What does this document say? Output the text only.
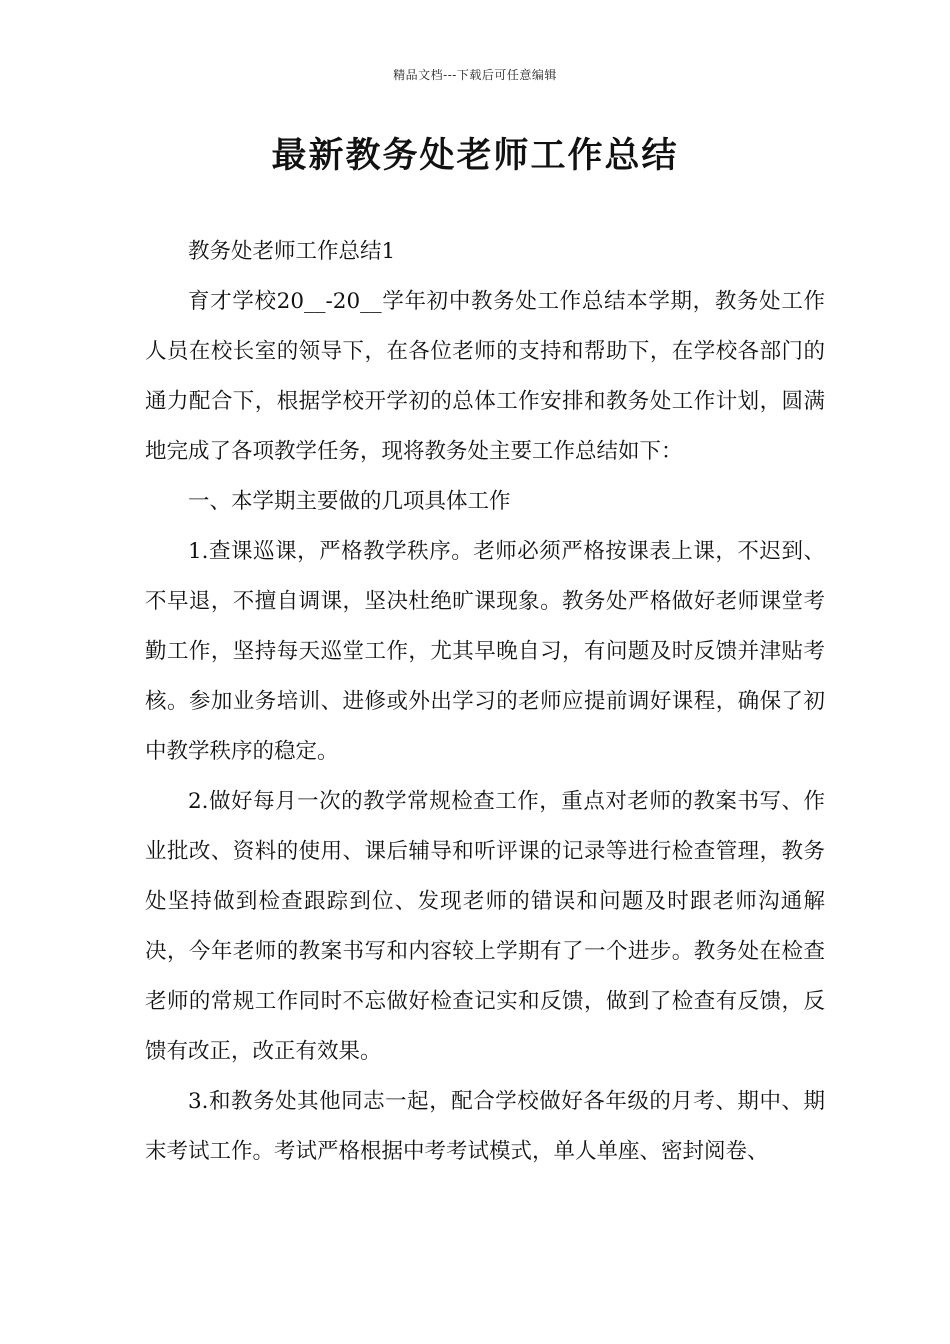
精品文档---下载后可任意编辑
最新教务处老师工作总结

教务处老师工作总结1

育才学校20__-20__学年初中教务处工作总结本学期，教务处工作人员在校长室的领导下，在各位老师的支持和帮助下，在学校各部门的通力配合下，根据学校开学初的总体工作安排和教务处工作计划，圆满地完成了各项教学任务，现将教务处主要工作总结如下：

一、本学期主要做的几项具体工作

1.查课巡课，严格教学秩序。老师必须严格按课表上课，不迟到、不早退，不擅自调课，坚决杜绝旷课现象。教务处严格做好老师课堂考勤工作，坚持每天巡堂工作，尤其早晚自习，有问题及时反馈并津贴考核。参加业务培训、进修或外出学习的老师应提前调好课程，确保了初中教学秩序的稳定。

2.做好每月一次的教学常规检查工作，重点对老师的教案书写、作业批改、资料的使用、课后辅导和听评课的记录等进行检查管理，教务处坚持做到检查跟踪到位、发现老师的错误和问题及时跟老师沟通解决，今年老师的教案书写和内容较上学期有了一个进步。教务处在检查老师的常规工作同时不忘做好检查记实和反馈，做到了检查有反馈，反馈有改正，改正有效果。

3.和教务处其他同志一起，配合学校做好各年级的月考、期中、期末考试工作。考试严格根据中考考试模式，单人单座、密封阅卷、
